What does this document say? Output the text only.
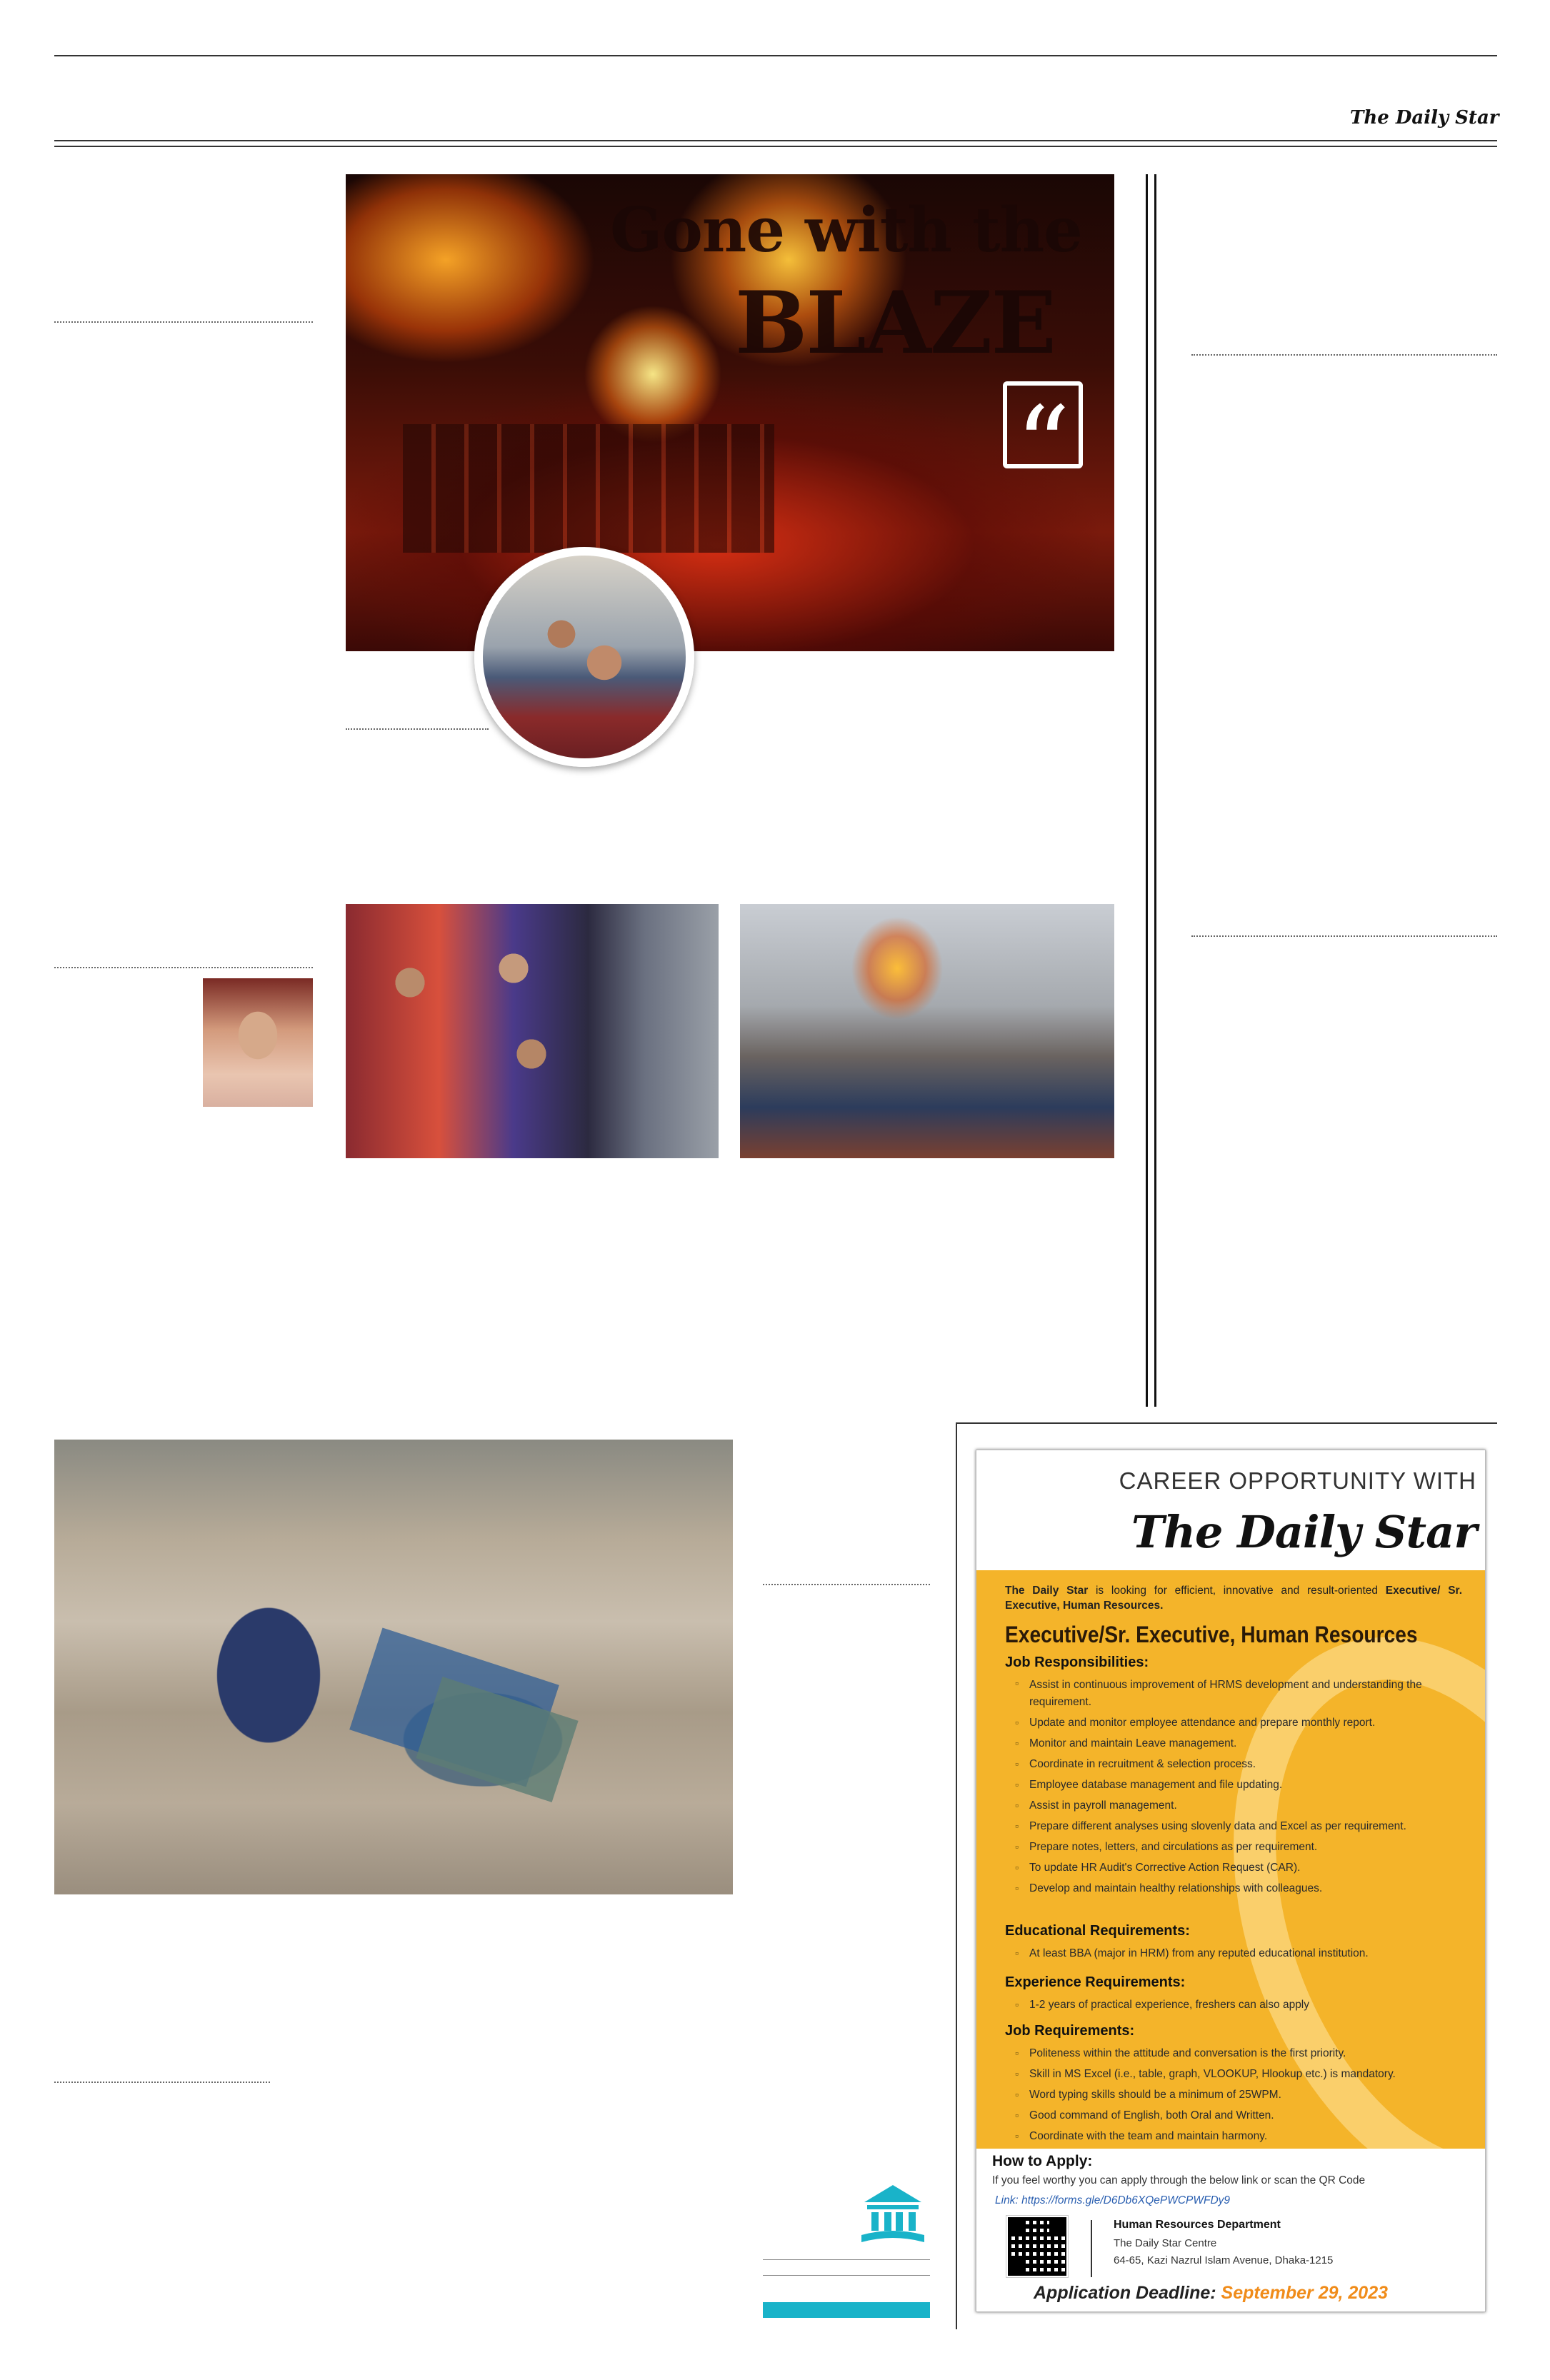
The Daily Star
Gone with the
BLAZE
“
CAREER OPPORTUNITY WITH
The Daily Star
The Daily Star is looking for efficient, innovative and result-oriented Executive/ Sr. Executive, Human Resources.
Executive/Sr. Executive, Human Resources
Job Responsibilities:
▫ Assist in continuous improvement of HRMS development and understanding the requirement.
▫ Update and monitor employee attendance and prepare monthly report.
▫ Monitor and maintain Leave management.
▫ Coordinate in recruitment & selection process.
▫ Employee database management and file updating.
▫ Assist in payroll management.
▫ Prepare different analyses using slovenly data and Excel as per requirement.
▫ Prepare notes, letters, and circulations as per requirement.
▫ To update HR Audit's Corrective Action Request (CAR).
▫ Develop and maintain healthy relationships with colleagues.
Educational Requirements:
▫ At least BBA (major in HRM) from any reputed educational institution.
Experience Requirements:
▫ 1-2 years of practical experience, freshers can also apply
Job Requirements:
▫ Politeness within the attitude and conversation is the first priority.
▫ Skill in MS Excel (i.e., table, graph, VLOOKUP, Hlookup etc.) is mandatory.
▫ Word typing skills should be a minimum of 25WPM.
▫ Good command of English, both Oral and Written.
▫ Coordinate with the team and maintain harmony.
How to Apply:
If you feel worthy you can apply through the below link or scan the QR Code
Link: https://forms.gle/D6Db6XQePWCPWFDy9
Human Resources Department
The Daily Star Centre
64-65, Kazi Nazrul Islam Avenue, Dhaka-1215
Application Deadline: September 29, 2023
